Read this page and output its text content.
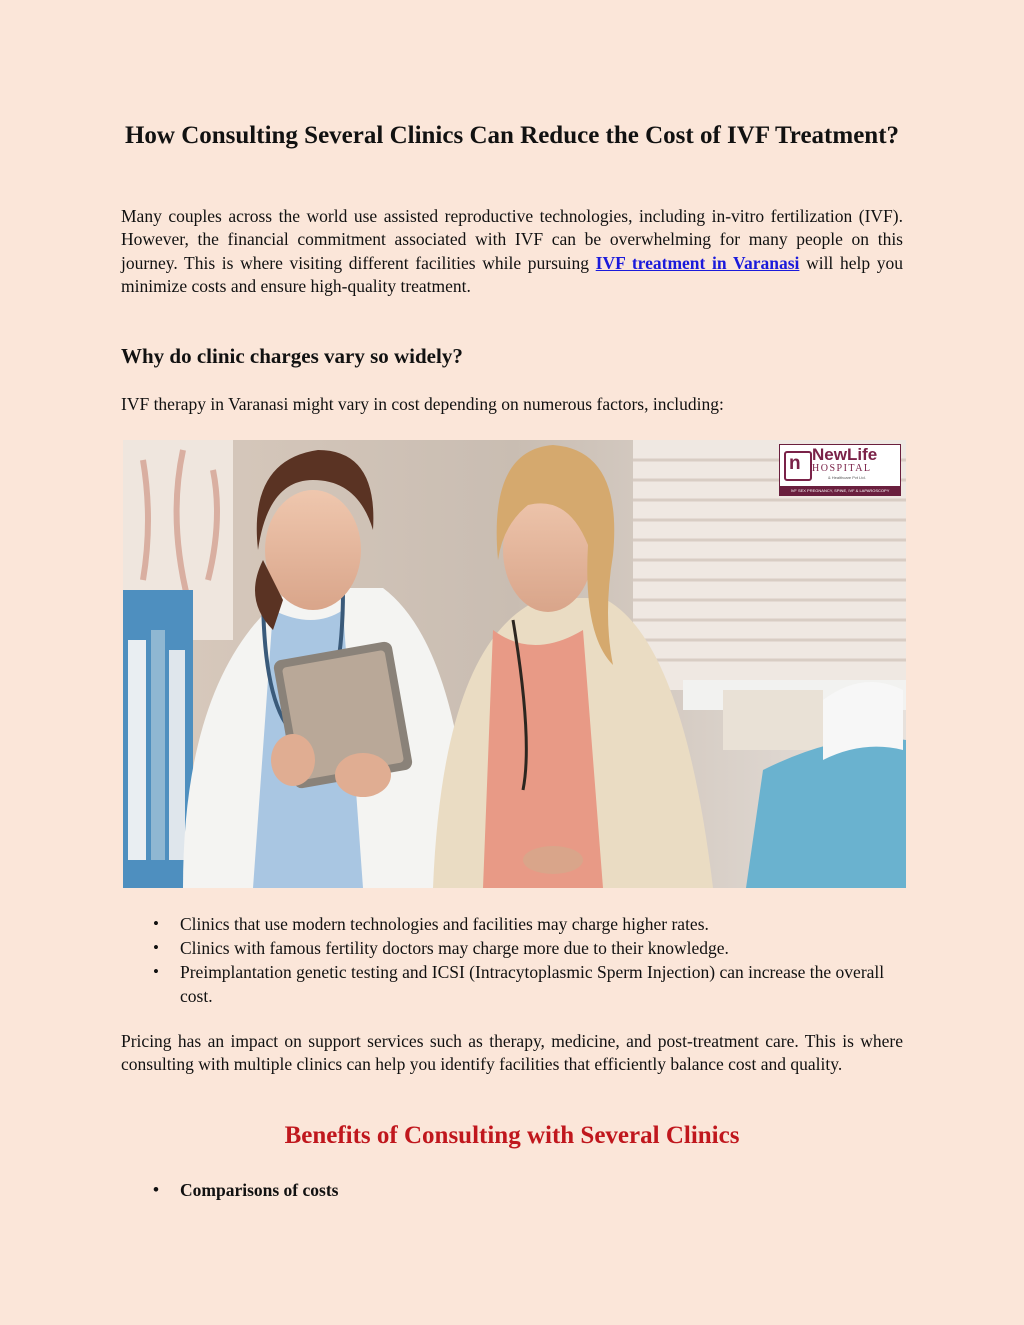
How Consulting Several Clinics Can Reduce the Cost of IVF Treatment?

Many couples across the world use assisted reproductive technologies, including in-vitro fertilization (IVF). However, the financial commitment associated with IVF can be overwhelming for many people on this journey. This is where visiting different facilities while pursuing IVF treatment in Varanasi will help you minimize costs and ensure high-quality treatment.

Why do clinic charges vary so widely?

IVF therapy in Varanasi might vary in cost depending on numerous factors, including:

n NewLife
HOSPITAL
& Healthcare Pvt Ltd.
IVF SEX PREGNANCY, SPINE, IVF & LAPAROSCOPY
• Clinics that use modern technologies and facilities may charge higher rates.
• Clinics with famous fertility doctors may charge more due to their knowledge.
• Preimplantation genetic testing and ICSI (Intracytoplasmic Sperm Injection) can increase the overall cost.

Pricing has an impact on support services such as therapy, medicine, and post-treatment care. This is where consulting with multiple clinics can help you identify facilities that efficiently balance cost and quality.

Benefits of Consulting with Several Clinics
• Comparisons of costs
